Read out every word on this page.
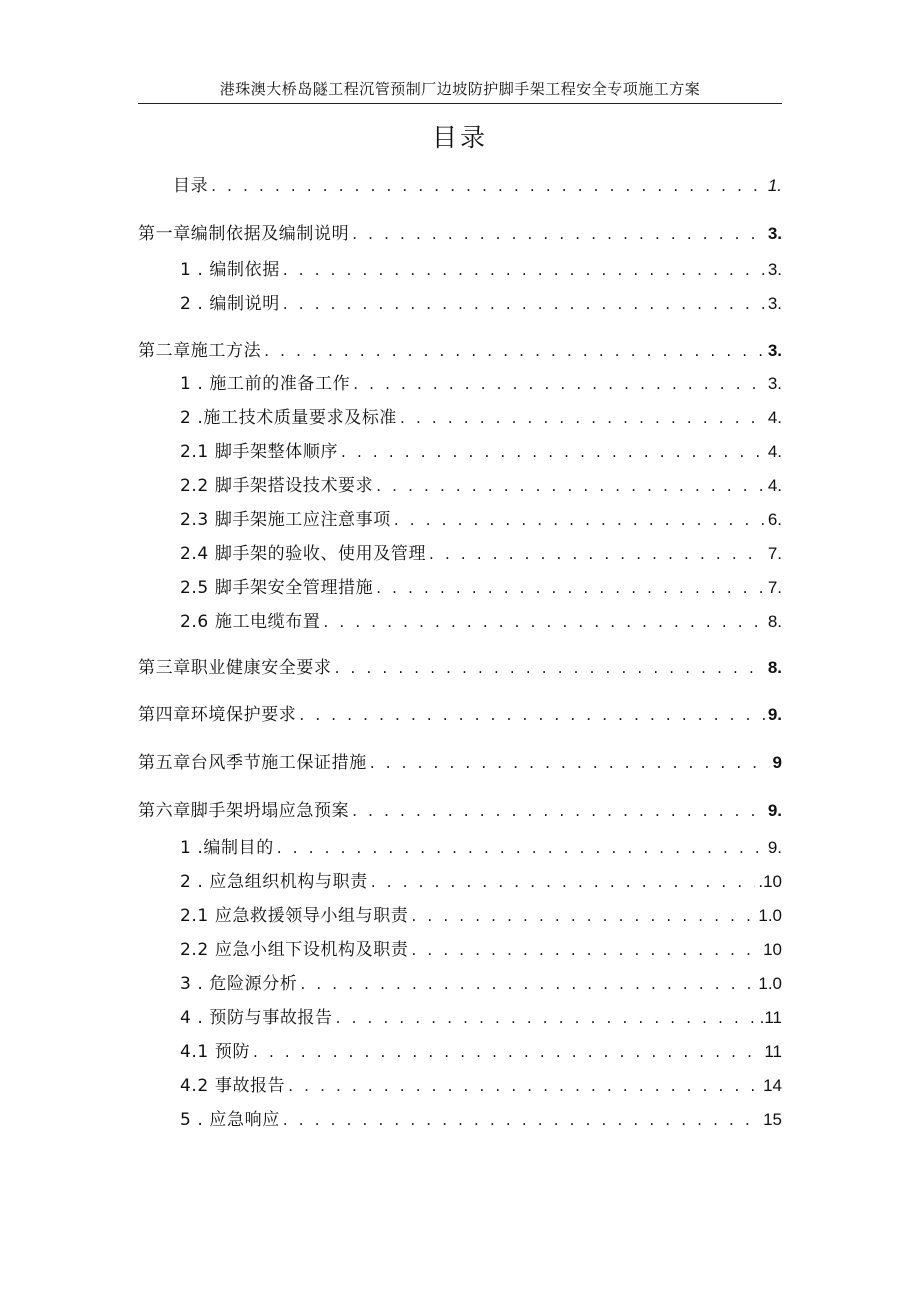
港珠澳大桥岛隧工程沉管预制厂边坡防护脚手架工程安全专项施工方案
目录
目录 . . .	1.
第一章编制依据及编制说明 . . .	3.
1 . 编制依据 . . .	3.
2 . 编制说明 . . .	3.
第二章施工方法 . . .	3.
1 . 施工前的准备工作 . . .	3.
2 .施工技术质量要求及标准 . . .	4.
2.1 脚手架整体顺序 . . .	4.
2.2 脚手架搭设技术要求 . . .	4.
2.3 脚手架施工应注意事项 . . .	6.
2.4 脚手架的验收、使用及管理 . . .	7.
2.5 脚手架安全管理措施 . . .	7.
2.6 施工电缆布置 . . .	8.
第三章职业健康安全要求 . . .	8.
第四章环境保护要求 . . .	9.
第五章台风季节施工保证措施 . . .	9
第六章脚手架坍塌应急预案 . . .	9.
1 .编制目的 . . .	9.
2 . 应急组织机构与职责 . . .	.10
2.1 应急救援领导小组与职责 . . .	1.0
2.2 应急小组下设机构及职责 . . .	10
3 . 危险源分析 . . .	1.0
4 . 预防与事故报告 . . .	.11
4.1 预防 . . .	11
4.2 事故报告 . . .	14
5 . 应急响应 . . .	15
